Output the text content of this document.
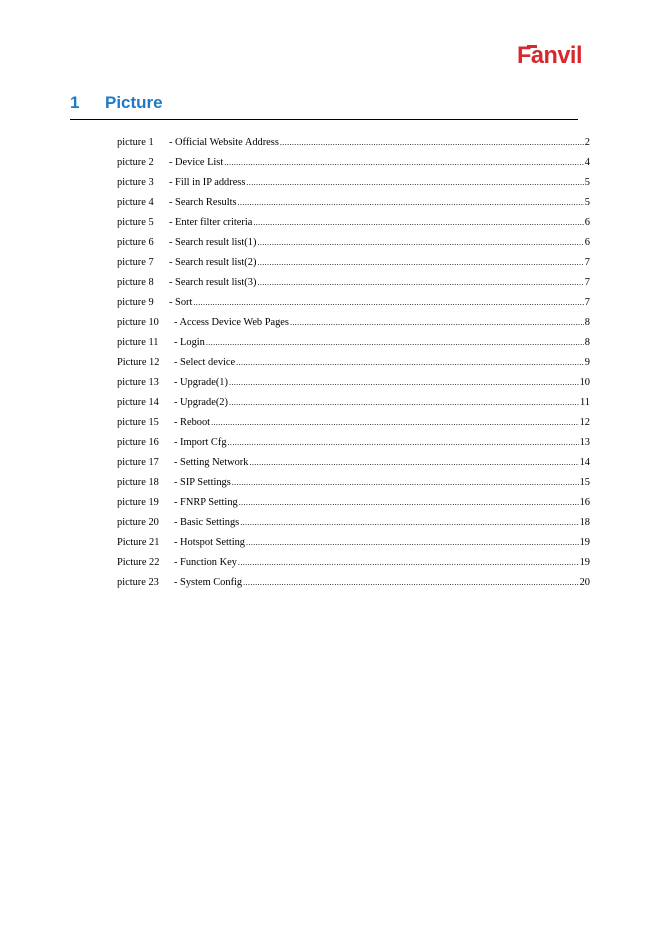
Fanvil
1 Picture
picture 1	- Official Website Address .....	2
picture 2	- Device List .....	4
picture 3	- Fill in IP address .....	5
picture 4	- Search Results .....	5
picture 5	- Enter filter criteria .....	6
picture 6	- Search result list(1) .....	6
picture 7	- Search result list(2) .....	7
picture 8	- Search result list(3) .....	7
picture 9	- Sort .....	7
picture 10	- Access Device Web Pages .....	8
picture 11	- Login .....	8
Picture 12	- Select device .....	9
picture 13	- Upgrade(1) .....	10
picture 14	- Upgrade(2) .....	11
picture 15	- Reboot .....	12
picture 16	- Import Cfg .....	13
picture 17	- Setting Network .....	14
picture 18	- SIP Settings .....	15
picture 19	- FNRP Setting .....	16
picture 20	- Basic Settings .....	18
Picture 21	- Hotspot Setting .....	19
Picture 22	- Function Key .....	19
picture 23	- System Config .....	20
